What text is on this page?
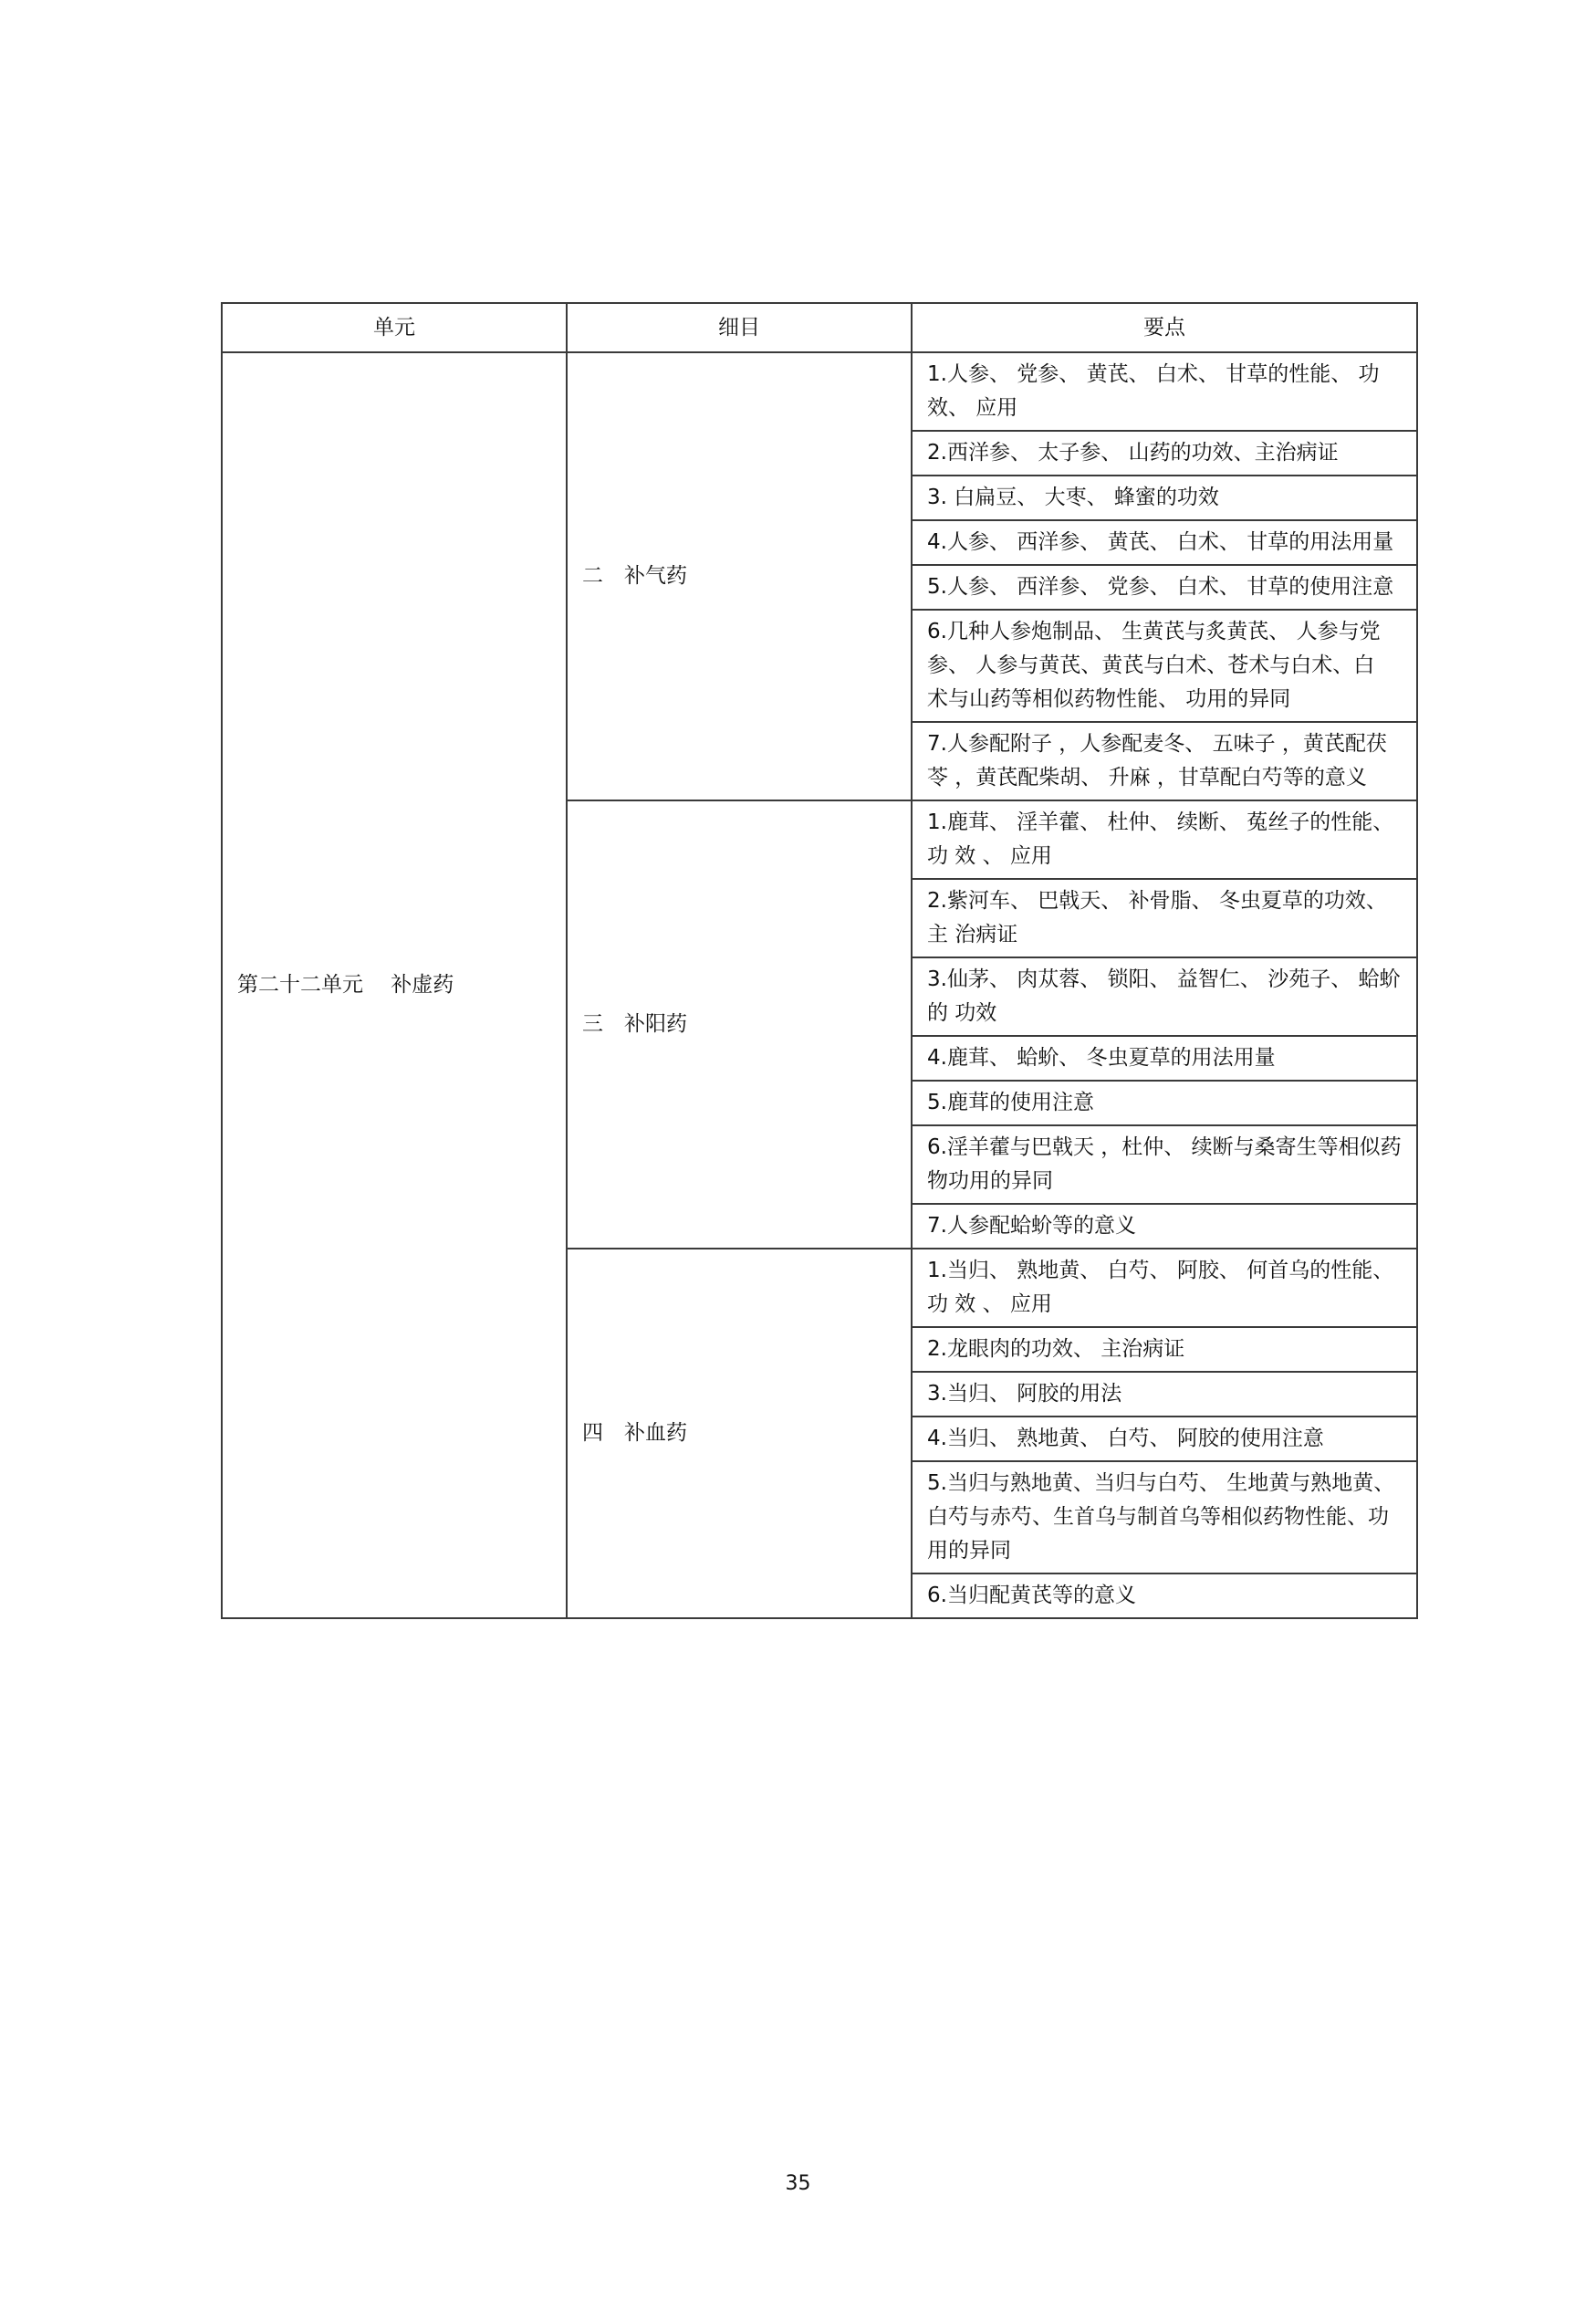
单元	细目	要点
第二十二单元　 补虚药	二　补气药	1.人参、 党参、 黄芪、 白术、 甘草的性能、 功效、 应用
		2.西洋参、 太子参、 山药的功效、主治病证
		3. 白扁豆、 大枣、 蜂蜜的功效
		4.人参、 西洋参、 黄芪、 白术、 甘草的用法用量
		5.人参、 西洋参、 党参、 白术、 甘草的使用注意
		6.几种人参炮制品、 生黄芪与炙黄芪、 人参与党 参、 人参与黄芪、黄芪与白术、苍术与白术、白 术与山药等相似药物性能、 功用的异同
		7.人参配附子 ，人参配麦冬、 五味子 ，黄芪配茯 苓 ，黄芪配柴胡、 升麻 ，甘草配白芍等的意义
	三　补阳药	1.鹿茸、 淫羊藿、 杜仲、 续断、 菟丝子的性能、功 效 、 应用
		2.紫河车、 巴戟天、 补骨脂、 冬虫夏草的功效、 主 治病证
		3.仙茅、 肉苁蓉、 锁阳、 益智仁、 沙苑子、 蛤蚧的 功效
		4.鹿茸、 蛤蚧、 冬虫夏草的用法用量
		5.鹿茸的使用注意
		6.淫羊藿与巴戟天 ，杜仲、 续断与桑寄生等相似药物功用的异同
		7.人参配蛤蚧等的意义
	四　补血药	1.当归、 熟地黄、 白芍、 阿胶、 何首乌的性能、功 效 、 应用
		2.龙眼肉的功效、 主治病证
		3.当归、 阿胶的用法
		4.当归、 熟地黄、 白芍、 阿胶的使用注意
		5.当归与熟地黄、当归与白芍、 生地黄与熟地黄、白芍与赤芍、生首乌与制首乌等相似药物性能、功用的异同
		6.当归配黄芪等的意义
35
